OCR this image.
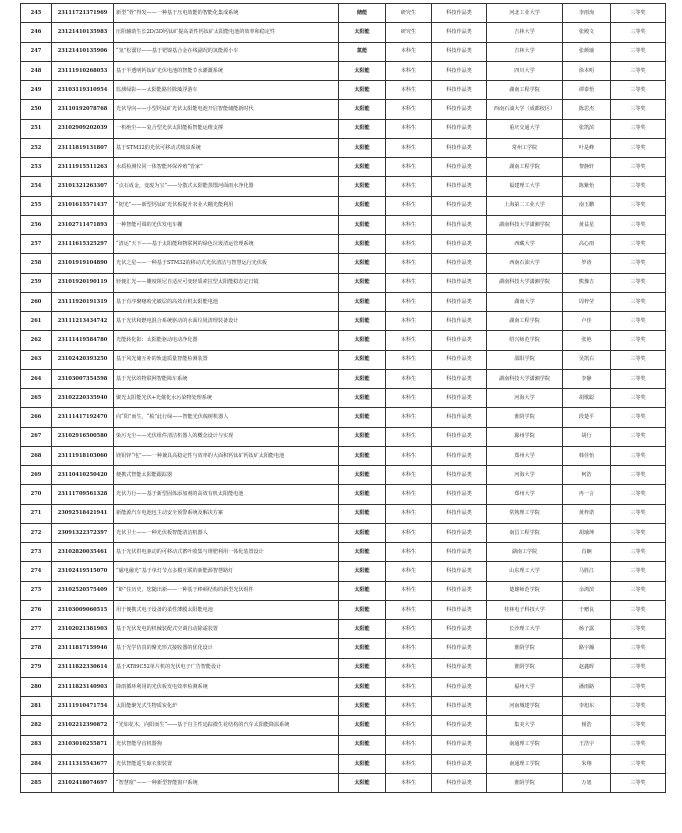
245	23111721371969	新型“骨”得发——一种基于压电效能的智能化集成系统	储能	研究生	科技作品类	河北工业大学	李雨洵	三等奖
246	23121410135983	压阻辅助生长2D/3D钙钛矿提高柔性钙钛矿太阳能电池的效率和稳定性	太阳能	研究生	科技作品类	吉林大学	张殿文	三等奖
247	23121410135906	“氢”松溜径——基于钯镍基合金在线副况的氢能源小车	氢能	本科生	科技作品类	吉林大学	张颜瑜	三等奖
248	23111910268053	基于半透明钙钛矿光伏电池的智能节水灌溉系统	太阳能	本科生	科技作品类	四川大学	徐本明	三等奖
249	23103119310954	监测绿影——太阳能路径除藻浮游车	太阳能	本科生	科技作品类	湖南工程学院	谭泰悟	三等奖
250	23110192078768	光伏导向——小型钙钛矿光伏太阳能电池开启智能储能新时代	太阳能	本科生	科技作品类	西南石油大学（成都校区）	陈思杰	三等奖
251	23102909202039	一机绝尘——复合型光伏太阳能板智能运维支撑	太阳能	本科生	科技作品类	重庆交通大学	张凯滨	三等奖
252	23111819131807	基于STM32的光伏可移动式喷泉系统	太阳能	本科生	科技作品类	常州工学院	叶是峰	三等奖
253	23111915511263	水质检测仪同一体智能环保养殖“管家”	太阳能	本科生	科技作品类	湖南工程学院	黎静轩	三等奖
254	23101321263307	“点石成金，变废为宝”——分散式太阳能蒸馏河面雨水净化器	太阳能	本科生	科技作品类	福建理工大学	陈紫怡	三等奖
255	23101615571437	“韧光”——新型钙钛矿光伏板提升农业大棚光能利用	太阳能	本科生	科技作品类	上海第二工业大学	南玉鹏	三等奖
256	23102711471893	一种智能可调的光伏发电车棚	太阳能	本科生	科技作品类	湖南科技大学潇湘学院	黄益星	三等奖
257	23111615325297	“清运”天下——基于太阳能和物联网的绿色垃圾清运管理系统	太阳能	本科生	科技作品类	西藏大学	高心雨	三等奖
258	23101919104890	光伏之星——一种基于STM32的移动式光伏清洁与智慧运行光伏板	太阳能	本科生	科技作品类	西南石油大学	罗涛	三等奖
259	23101920190119	轻便汇光——雕度阻尼自适应可变轻质索拉型太阳能稳态定日镜	太阳能	本科生	科技作品类	湖南科技大学潇湘学院	熊豫吉	三等奖
260	23111920191319	基于有序聚噻吩光敏层的高效有机太阳能电池	太阳能	本科生	科技作品类	湖南大学	周梓莹	三等奖
261	23111213434742	基于光伏和燃电混合系统驱动的水面垃圾清理装备设计	太阳能	本科生	科技作品类	湖南工程学院	卢佳	三等奖
262	23111419584780	光能转化影：太阳能驱动电动净化器	太阳能	本科生	科技作品类	绍兴师范学院	张艳	三等奖
263	23102420393250	基于风光储互补的轨道质量智能检测装置	太阳能	本科生	科技作品类	邵阳学院	吴凯右	三等奖
264	23103007354598	基于光伏的物联网智能障车系统	太阳能	本科生	科技作品类	湖南科技大学潇湘学院	李静	三等奖
265	23102220335940	聚光太阳能光伏+光催化水污染物处理系统	太阳能	本科生	科技作品类	河海大学	胡歌聪	三等奖
266	23111417192470	向“阳”而生，“梳”此行绿——智能光伏梳树机器人	太阳能	本科生	科技作品类	淮阴学院	段楚平	三等奖
267	23102916500580	染污无尘——光伏组件清洁机器人的概念设计与实现	太阳能	本科生	科技作品类	滁州学院	胡行	三等奖
268	23111918103060	镁铅锌“电”——一种兼具高稳定性与效率的大面积钙钛矿钙钛矿太阳能电池	太阳能	本科生	科技作品类	郑州大学	韩佳怡	三等奖
269	23110410250420	便携式智能太阳能跟踪器	太阳能	本科生	科技作品类	河海大学	柯浩	三等奖
270	23111709561328	光伏力行——基于新型固体添加剂的高效有机太阳能电池	太阳能	本科生	科技作品类	郑州大学	冉一言	三等奖
271	23092518421941	新能源汽车电池包主动安全预警系统及解决方案	太阳能	本科生	科技作品类	常熟理工学院	黄梓诺	三等奖
272	23091322372397	光伏卫士——一种光伏板智能清洁机器人	太阳能	本科生	科技作品类	南昌工程学院	胡瑜坤	三等奖
273	23102820035461	基于光伏供电驱动的可移动式蓄叶收集与堆肥利用一体化装置设计	太阳能	本科生	科技作品类	湖南工学院	肖娴	三等奖
274	23102419515070	“磁电融光”基于单灯节点多模互联的新能源智慧路灯	太阳能	本科生	科技作品类	山东理工大学	马胜江	三等奖
275	23102520575409	“虾”住历史，您随出新——一种基于棒顿结构的新型光伏组件	太阳能	本科生	科技作品类	楚雄师范学院	余鸿滨	三等奖
276	23103009060515	用于便携式电子设备的柔性薄膜太阳能电池	太阳能	本科生	科技作品类	桂林电子科技大学	于赠良	三等奖
277	23102021381903	基于光伏发电的机械装配式空调自动除霜装置	太阳能	本科生	科技作品类	长沙理工大学	杨子露	三等奖
278	23111817159946	基于光学仿真的聚光形式接收器的优化设计	太阳能	本科生	科技作品类	淮阴学院	路宇瀚	三等奖
279	23111822330614	基于AT89C52单片机的光伏电子广告智能设计	太阳能	本科生	科技作品类	淮阴学院	赵鑫晖	三等奖
280	23111823140903	降雨循环利用的光伏板发电效率检测系统	太阳能	本科生	科技作品类	福州大学	潘雨路	三等奖
281	23111910471754	太阳能聚光式生物质炭化炉	太阳能	本科生	科技作品类	河南城建学院	李旭东	三等奖
282	23102212390872	“光如花木，向阳而生”——基于自主性追踪微生花结构的汽车太阳能降温系统	太阳能	本科生	科技作品类	集美大学	杨浩	三等奖
283	23103010255871	光伏智能导盲机器狗	太阳能	本科生	科技作品类	南通理工学院	王浩宇	三等奖
284	23111315543677	光伏智能遥生晾衣架装置	太阳能	本科生	科技作品类	南通理工学院	朱翔	三等奖
285	23102418074697	“智慧窗”——一种新型智能窗户系统	太阳能	本科生	科技作品类	淮阴学院	万旭	三等奖
